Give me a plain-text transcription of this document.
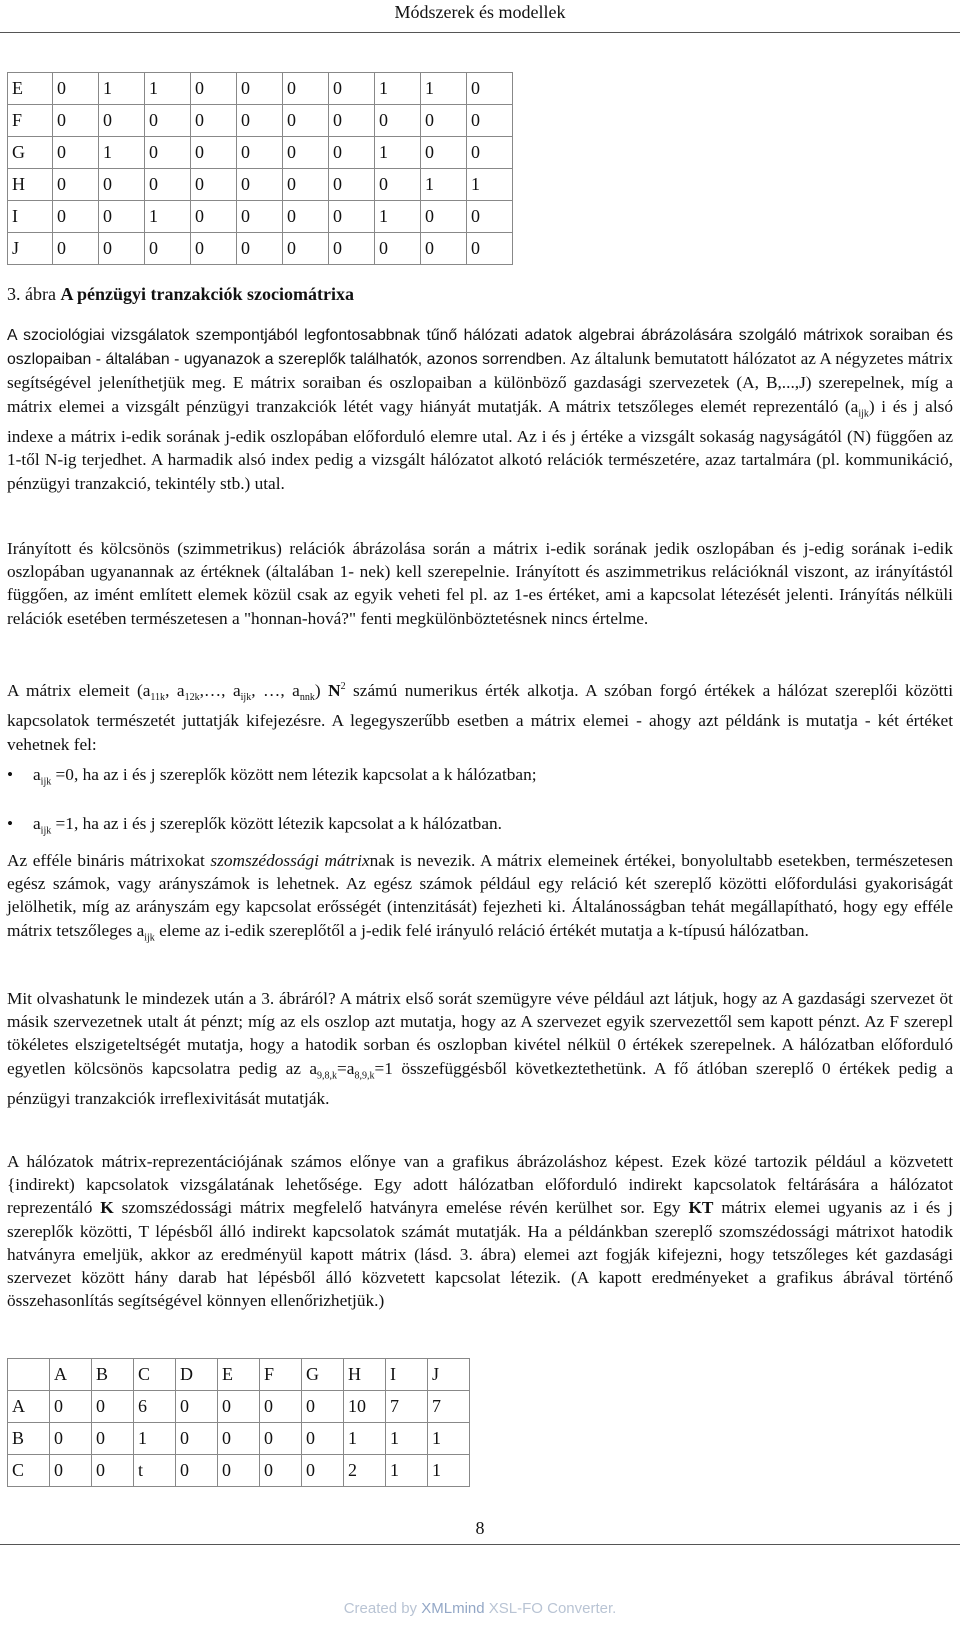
Módszerek és modellek
E	0	1	1	0	0	0	0	1	1	0
F	0	0	0	0	0	0	0	0	0	0
G	0	1	0	0	0	0	0	1	0	0
H	0	0	0	0	0	0	0	0	1	1
I	0	0	1	0	0	0	0	1	0	0
J	0	0	0	0	0	0	0	0	0	0

3. ábra A pénzügyi tranzakciók szociomátrixa

A szociológiai vizsgálatok szempontjából legfontosabbnak tűnő hálózati adatok algebrai ábrázolására szolgáló mátrixok soraiban és oszlopaiban - általában - ugyanazok a szereplők találhatók, azonos sorrendben. Az általunk bemutatott hálózatot az A négyzetes mátrix segítségével jeleníthetjük meg. E mátrix soraiban és oszlopaiban a különböző gazdasági szervezetek (A, B,...,J) szerepelnek, míg a mátrix elemei a vizsgált pénzügyi tranzakciók létét vagy hiányát mutatják. A mátrix tetszőleges elemét reprezentáló $(a_{ijk})$ i és j alsó indexe a mátrix i-edik sorának j-edik oszlopában előforduló elemre utal. Az i és j értéke a vizsgált sokaság nagyságától (N) függően az 1-től N-ig terjedhet. A harmadik alsó index pedig a vizsgált hálózatot alkotó relációk természetére, azaz tartalmára (pl. kommunikáció, pénzügyi tranzakció, tekintély stb.) utal.

Irányított és kölcsönös (szimmetrikus) relációk ábrázolása során a mátrix i-edik sorának jedik oszlopában és j-edig sorának i-edik oszlopában ugyanannak az értéknek (általában 1- nek) kell szerepelnie. Irányított és aszimmetrikus relációknál viszont, az irányítástól függően, az imént említett elemek közül csak az egyik veheti fel pl. az 1-es értéket, ami a kapcsolat létezését jelenti. Irányítás nélküli relációk esetében természetesen a "honnan-hová?" fenti megkülönböztetésnek nincs értelme.

A mátrix elemeit ($a_{11k}$, $a_{12k},\dots$, $a_{ijk}$, …, $a_{nnk}$) $N^2$ számú numerikus érték alkotja. A szóban forgó értékek a hálózat szereplői közötti kapcsolatok természetét juttatják kifejezésre. A legegyszerűbb esetben a mátrix elemei - ahogy azt példánk is mutatja - két értéket vehetnek fel:

• $a_{ijk} =0$, ha az i és j szereplők között nem létezik kapcsolat a k hálózatban;
• $a_{ijk} =1$, ha az i és j szereplők között létezik kapcsolat a k hálózatban.

Az efféle bináris mátrixokat szomszédossági mátrixnak is nevezik. A mátrix elemeinek értékei, bonyolultabb esetekben, természetesen egész számok, vagy arányszámok is lehetnek. Az egész számok például egy reláció két szereplő közötti előfordulási gyakoriságát jelölhetik, míg az arányszám egy kapcsolat erősségét (intenzitását) fejezheti ki. Általánosságban tehát megállapítható, hogy egy efféle mátrix tetszőleges $a_{ijk}$ eleme az i-edik szereplőtől a j-edik felé irányuló reláció értékét mutatja a k-típusú hálózatban.

Mit olvashatunk le mindezek után a 3. ábráról? A mátrix első sorát szemügyre véve például azt látjuk, hogy az A gazdasági szervezet öt másik szervezetnek utalt át pénzt; míg az els oszlop azt mutatja, hogy az A szervezet egyik szervezettől sem kapott pénzt. Az F szerepl tökéletes elszigeteltségét mutatja, hogy a hatodik sorban és oszlopban kivétel nélkül 0 értékek szerepelnek. A hálózatban előforduló egyetlen kölcsönös kapcsolatra pedig az $a_{9,8,k}=a_{8,9,k}=1$ összefüggésből következtethetünk. A fő átlóban szereplő 0 értékek pedig a pénzügyi tranzakciók irreflexivitását mutatják.

A hálózatok mátrix-reprezentációjának számos előnye van a grafikus ábrázoláshoz képest. Ezek közé tartozik például a közvetett {indirekt) kapcsolatok vizsgálatának lehetősége. Egy adott hálózatban előforduló indirekt kapcsolatok feltárására a hálózatot reprezentáló K szomszédossági mátrix megfelelő hatványra emelése révén kerülhet sor. Egy KT mátrix elemei ugyanis az i és j szereplők közötti, T lépésből álló indirekt kapcsolatok számát mutatják. Ha a példánkban szereplő szomszédossági mátrixot hatodik hatványra emeljük, akkor az eredményül kapott mátrix (lásd. 3. ábra) elemei azt fogják kifejezni, hogy tetszőleges két gazdasági szervezet között hány darab hat lépésből álló közvetett kapcsolat létezik. (A kapott eredményeket a grafikus ábrával történő összehasonlítás segítségével könnyen ellenőrizhetjük.)

	A	B	C	D	E	F	G	H	I	J
A	0	0	6	0	0	0	0	10	7	7
B	0	0	1	0	0	0	0	1	1	1
C	0	0	t	0	0	0	0	2	1	1
8
Created by XMLmind XSL-FO Converter.
